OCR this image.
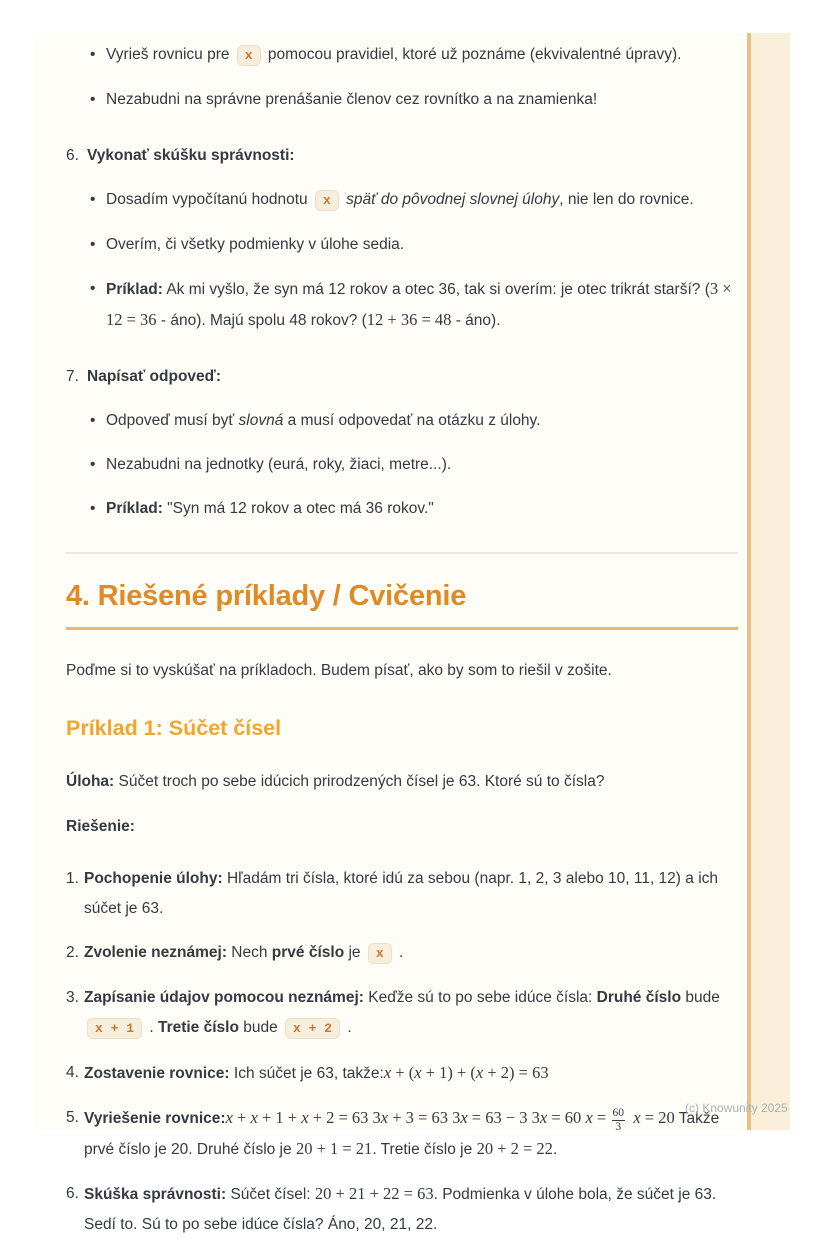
• Vyrieš rovnicu pre x pomocou pravidiel, ktoré už poznáme (ekvivalentné úpravy).
• Nezabudni na správne prenášanie členov cez rovnítko a na znamienka!
6. Vykonať skúšku správnosti:
• Dosadím vypočítanú hodnotu x späť do pôvodnej slovnej úlohy, nie len do rovnice.
• Overím, či všetky podmienky v úlohe sedia.
• Príklad: Ak mi vyšlo, že syn má 12 rokov a otec 36, tak si overím: je otec trikrát starší? (3 × 12 = 36 - áno). Majú spolu 48 rokov? (12 + 36 = 48 - áno).
7. Napísať odpoveď:
• Odpoveď musí byť slovná a musí odpovedať na otázku z úlohy.
• Nezabudni na jednotky (eurá, roky, žiaci, metre...).
• Príklad: "Syn má 12 rokov a otec má 36 rokov."
4. Riešené príklady / Cvičenie

Poďme si to vyskúšať na príkladoch. Budem písať, ako by som to riešil v zošite.

Príklad 1: Súčet čísel

Úloha: Súčet troch po sebe idúcich prirodzených čísel je 63. Ktoré sú to čísla?

Riešenie:

1. Pochopenie úlohy: Hľadám tri čísla, ktoré idú za sebou (napr. 1, 2, 3 alebo 10, 11, 12) a ich súčet je 63.
2. Zvolenie neznámej: Nech prvé číslo je x .
3. Zapísanie údajov pomocou neznámej: Keďže sú to po sebe idúce čísla: Druhé číslo bude x + 1 . Tretie číslo bude x + 2 .
4. Zostavenie rovnice: Ich súčet je 63, takže:x + (x + 1) + (x + 2) = 63
5. Vyriešenie rovnice:x + x + 1 + x + 2 = 63 3x + 3 = 63 3x = 63 − 3 3x = 60 $x = \frac{60}{3}$ x = 20 Takže prvé číslo je 20. Druhé číslo je 20 + 1 = 21. Tretie číslo je 20 + 2 = 22.
6. Skúška správnosti: Súčet čísel: 20 + 21 + 22 = 63. Podmienka v úlohe bola, že súčet je 63. Sedí to. Sú to po sebe idúce čísla? Áno, 20, 21, 22.
(c) Knowunity 2025
